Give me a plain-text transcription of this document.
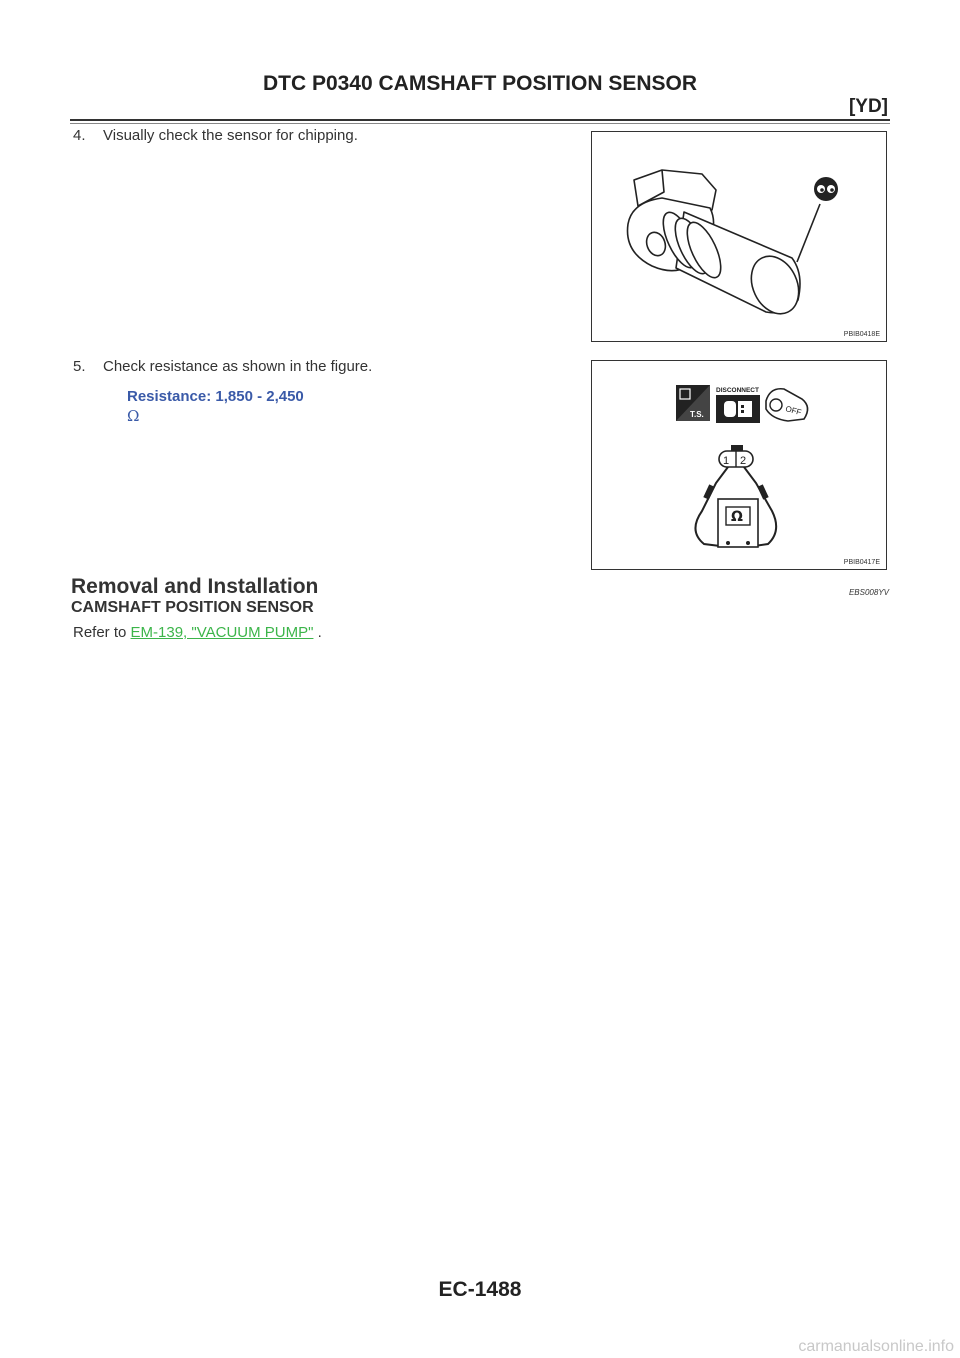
DTC P0340 CAMSHAFT POSITION SENSOR
[YD]
4. Visually check the sensor for chipping.
PBIB0418E
5. Check resistance as shown in the figure.
Resistance: 1,850 - 2,450
Ω	T.S.
DISCONNECT
OFF
1 2
Ω
PBIB0417E
Removal and Installation	EBS008YV
CAMSHAFT POSITION SENSOR
Refer to EM-139, "VACUUM PUMP" .
EC-1488
carmanualsonline.info
